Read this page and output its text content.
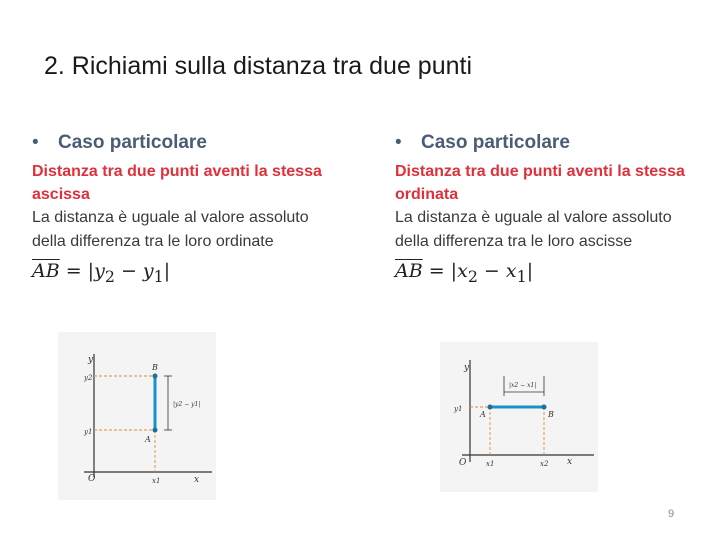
2. Richiami sulla distanza tra due punti
• Caso particolare
Distanza tra due punti aventi la stessa ascissa
La distanza è uguale al valore assoluto della differenza tra le loro ordinate
$\overline{AB} = |y_2 - y_1|$
y
x
O
y2
y1
x1
B
A
|y2 − y1|
• Caso particolare
Distanza tra due punti aventi la stessa ordinata
La distanza è uguale al valore assoluto della differenza tra le loro ascisse
$\overline{AB} = |x_2 - x_1|$
y
x
O
y1
x1	x2
A	B
|x2 − x1|
9
